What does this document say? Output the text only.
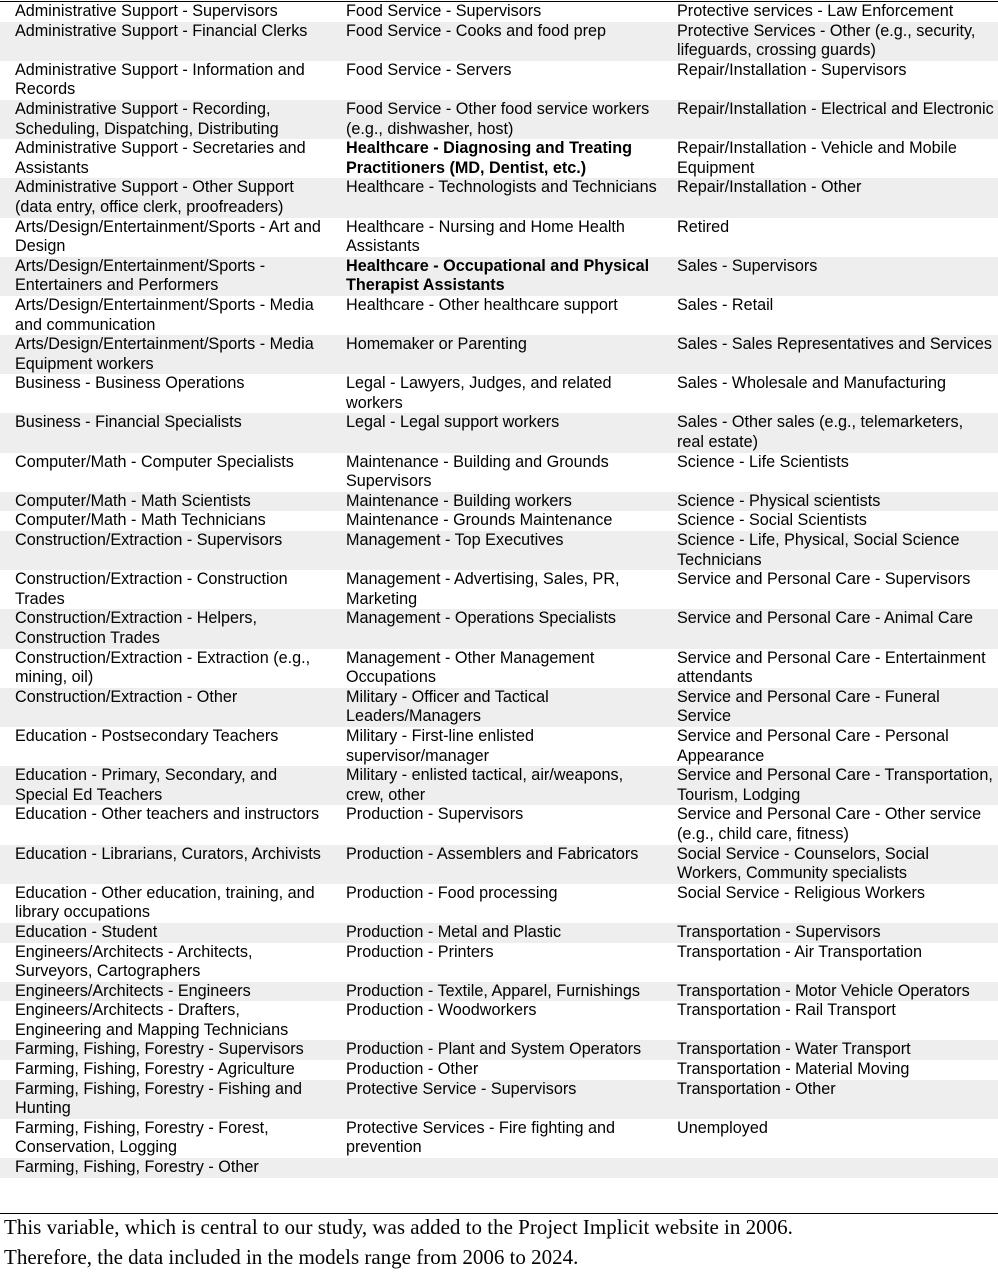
Administrative Support - Supervisors	Food Service - Supervisors	Protective services - Law Enforcement
Administrative Support - Financial Clerks	Food Service - Cooks and food prep	Protective Services - Other (e.g., security, lifeguards, crossing guards)
Administrative Support - Information and Records	Food Service - Servers	Repair/Installation - Supervisors
Administrative Support - Recording, Scheduling, Dispatching, Distributing	Food Service - Other food service workers (e.g., dishwasher, host)	Repair/Installation - Electrical and Electronic
Administrative Support - Secretaries and Assistants	Healthcare - Diagnosing and Treating Practitioners (MD, Dentist, etc.)	Repair/Installation - Vehicle and Mobile Equipment
Administrative Support - Other Support (data entry, office clerk, proofreaders)	Healthcare - Technologists and Technicians	Repair/Installation - Other
Arts/Design/Entertainment/Sports - Art and Design	Healthcare - Nursing and Home Health Assistants	Retired
Arts/Design/Entertainment/Sports - Entertainers and Performers	Healthcare - Occupational and Physical Therapist Assistants	Sales - Supervisors
Arts/Design/Entertainment/Sports - Media and communication	Healthcare - Other healthcare support	Sales - Retail
Arts/Design/Entertainment/Sports - Media Equipment workers	Homemaker or Parenting	Sales - Sales Representatives and Services
Business - Business Operations	Legal - Lawyers, Judges, and related workers	Sales - Wholesale and Manufacturing
Business - Financial Specialists	Legal - Legal support workers	Sales - Other sales (e.g., telemarketers, real estate)
Computer/Math - Computer Specialists	Maintenance - Building and Grounds Supervisors	Science - Life Scientists
Computer/Math - Math Scientists	Maintenance - Building workers	Science - Physical scientists
Computer/Math - Math Technicians	Maintenance - Grounds Maintenance	Science - Social Scientists
Construction/Extraction - Supervisors	Management - Top Executives	Science - Life, Physical, Social Science Technicians
Construction/Extraction - Construction Trades	Management - Advertising, Sales, PR, Marketing	Service and Personal Care - Supervisors
Construction/Extraction - Helpers, Construction Trades	Management - Operations Specialists	Service and Personal Care - Animal Care
Construction/Extraction - Extraction (e.g., mining, oil)	Management - Other Management Occupations	Service and Personal Care - Entertainment attendants
Construction/Extraction - Other	Military - Officer and Tactical Leaders/Managers	Service and Personal Care - Funeral Service
Education - Postsecondary Teachers	Military - First-line enlisted supervisor/manager	Service and Personal Care - Personal Appearance
Education - Primary, Secondary, and Special Ed Teachers	Military - enlisted tactical, air/weapons, crew, other	Service and Personal Care - Transportation, Tourism, Lodging
Education - Other teachers and instructors	Production - Supervisors	Service and Personal Care - Other service (e.g., child care, fitness)
Education - Librarians, Curators, Archivists	Production - Assemblers and Fabricators	Social Service - Counselors, Social Workers, Community specialists
Education - Other education, training, and library occupations	Production - Food processing	Social Service - Religious Workers
Education - Student	Production - Metal and Plastic	Transportation - Supervisors
Engineers/Architects - Architects, Surveyors, Cartographers	Production - Printers	Transportation - Air Transportation
Engineers/Architects - Engineers	Production - Textile, Apparel, Furnishings	Transportation - Motor Vehicle Operators
Engineers/Architects - Drafters, Engineering and Mapping Technicians	Production - Woodworkers	Transportation - Rail Transport
Farming, Fishing, Forestry - Supervisors	Production - Plant and System Operators	Transportation - Water Transport
Farming, Fishing, Forestry - Agriculture	Production - Other	Transportation - Material Moving
Farming, Fishing, Forestry - Fishing and Hunting	Protective Service - Supervisors	Transportation - Other
Farming, Fishing, Forestry - Forest, Conservation, Logging	Protective Services - Fire fighting and prevention	Unemployed
Farming, Fishing, Forestry - Other		

This variable, which is central to our study, was added to the Project Implicit website in 2006.

Therefore, the data included in the models range from 2006 to 2024.
